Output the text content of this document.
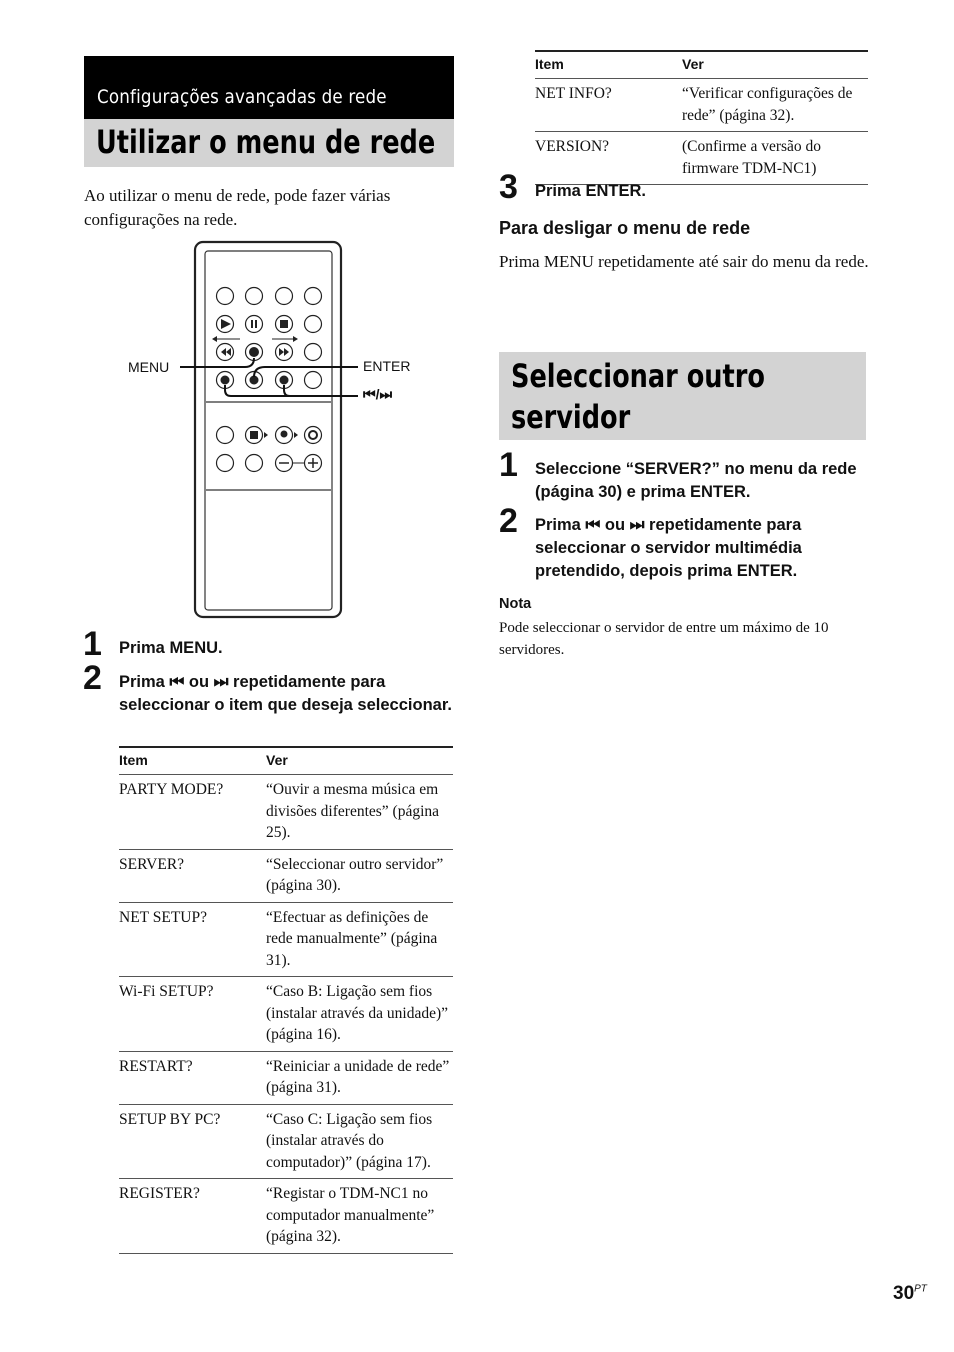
Configurações avançadas de rede
Utilizar o menu de rede
Ao utilizar o menu de rede, pode fazer várias configurações na rede.
MENU	ENTER
⏮/⏭
1 Prima MENU.
2 Prima ⏮ ou ⏭ repetidamente para seleccionar o item que deseja seleccionar.
Item	Ver
PARTY MODE?	“Ouvir a mesma música em divisões diferentes” (página 25).
SERVER?	“Seleccionar outro servidor” (página 30).
NET SETUP?	“Efectuar as definições de rede manualmente” (página 31).
Wi-Fi SETUP?	“Caso B: Ligação sem fios (instalar através da unidade)” (página 16).
RESTART?	“Reiniciar a unidade de rede” (página 31).
SETUP BY PC?	“Caso C: Ligação sem fios (instalar através do computador)” (página 17).
REGISTER?	“Registar o TDM-NC1 no computador manualmente” (página 32).
Item	Ver
NET INFO?	“Verificar configurações de rede” (página 32).
VERSION?	(Confirme a versão do firmware TDM-NC1)
3 Prima ENTER.
Para desligar o menu de rede
Prima MENU repetidamente até sair do menu da rede.
Seleccionar outro servidor
1 Seleccione “SERVER?” no menu da rede (página 30) e prima ENTER.
2 Prima ⏮ ou ⏭ repetidamente para seleccionar o servidor multimédia pretendido, depois prima ENTER.
Nota
Pode seleccionar o servidor de entre um máximo de 10 servidores.
$30^{PT}$
